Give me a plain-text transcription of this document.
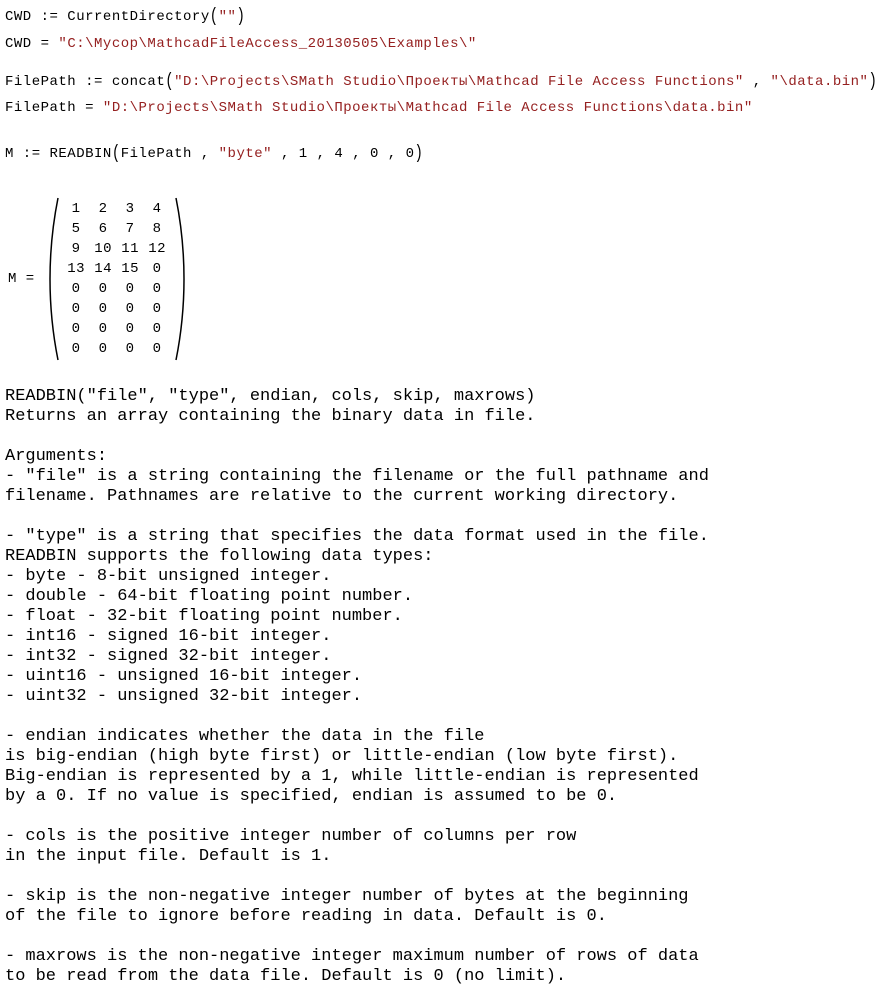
CWD := CurrentDirectory("")
CWD = "C:\Mycop\MathcadFileAccess_20130505\Examples\"
FilePath := concat("D:\Projects\SMath Studio\Проекты\Mathcad File Access Functions" , "\data.bin")
FilePath = "D:\Projects\SMath Studio\Проекты\Mathcad File Access Functions\data.bin"
M := READBIN(FilePath , "byte" , 1 , 4 , 0 , 0)
M =
1	2	3	4
5	6	7	8
9 10 11 12
13 14 15 0
0	0	0	0
0	0	0	0
0	0	0	0
0	0	0	0
READBIN("file", "type", endian, cols, skip, maxrows)
Returns an array containing the binary data in file.

Arguments:
- "file" is a string containing the filename or the full pathname and
filename. Pathnames are relative to the current working directory.

- "type" is a string that specifies the data format used in the file.
READBIN supports the following data types:
- byte - 8-bit unsigned integer.
- double - 64-bit floating point number.
- float - 32-bit floating point number.
- int16 - signed 16-bit integer.
- int32 - signed 32-bit integer.
- uint16 - unsigned 16-bit integer.
- uint32 - unsigned 32-bit integer.

- endian indicates whether the data in the file
is big-endian (high byte first) or little-endian (low byte first).
Big-endian is represented by a 1, while little-endian is represented
by a 0. If no value is specified, endian is assumed to be 0.

- cols is the positive integer number of columns per row
in the input file. Default is 1.

- skip is the non-negative integer number of bytes at the beginning
of the file to ignore before reading in data. Default is 0.

- maxrows is the non-negative integer maximum number of rows of data
to be read from the data file. Default is 0 (no limit).
